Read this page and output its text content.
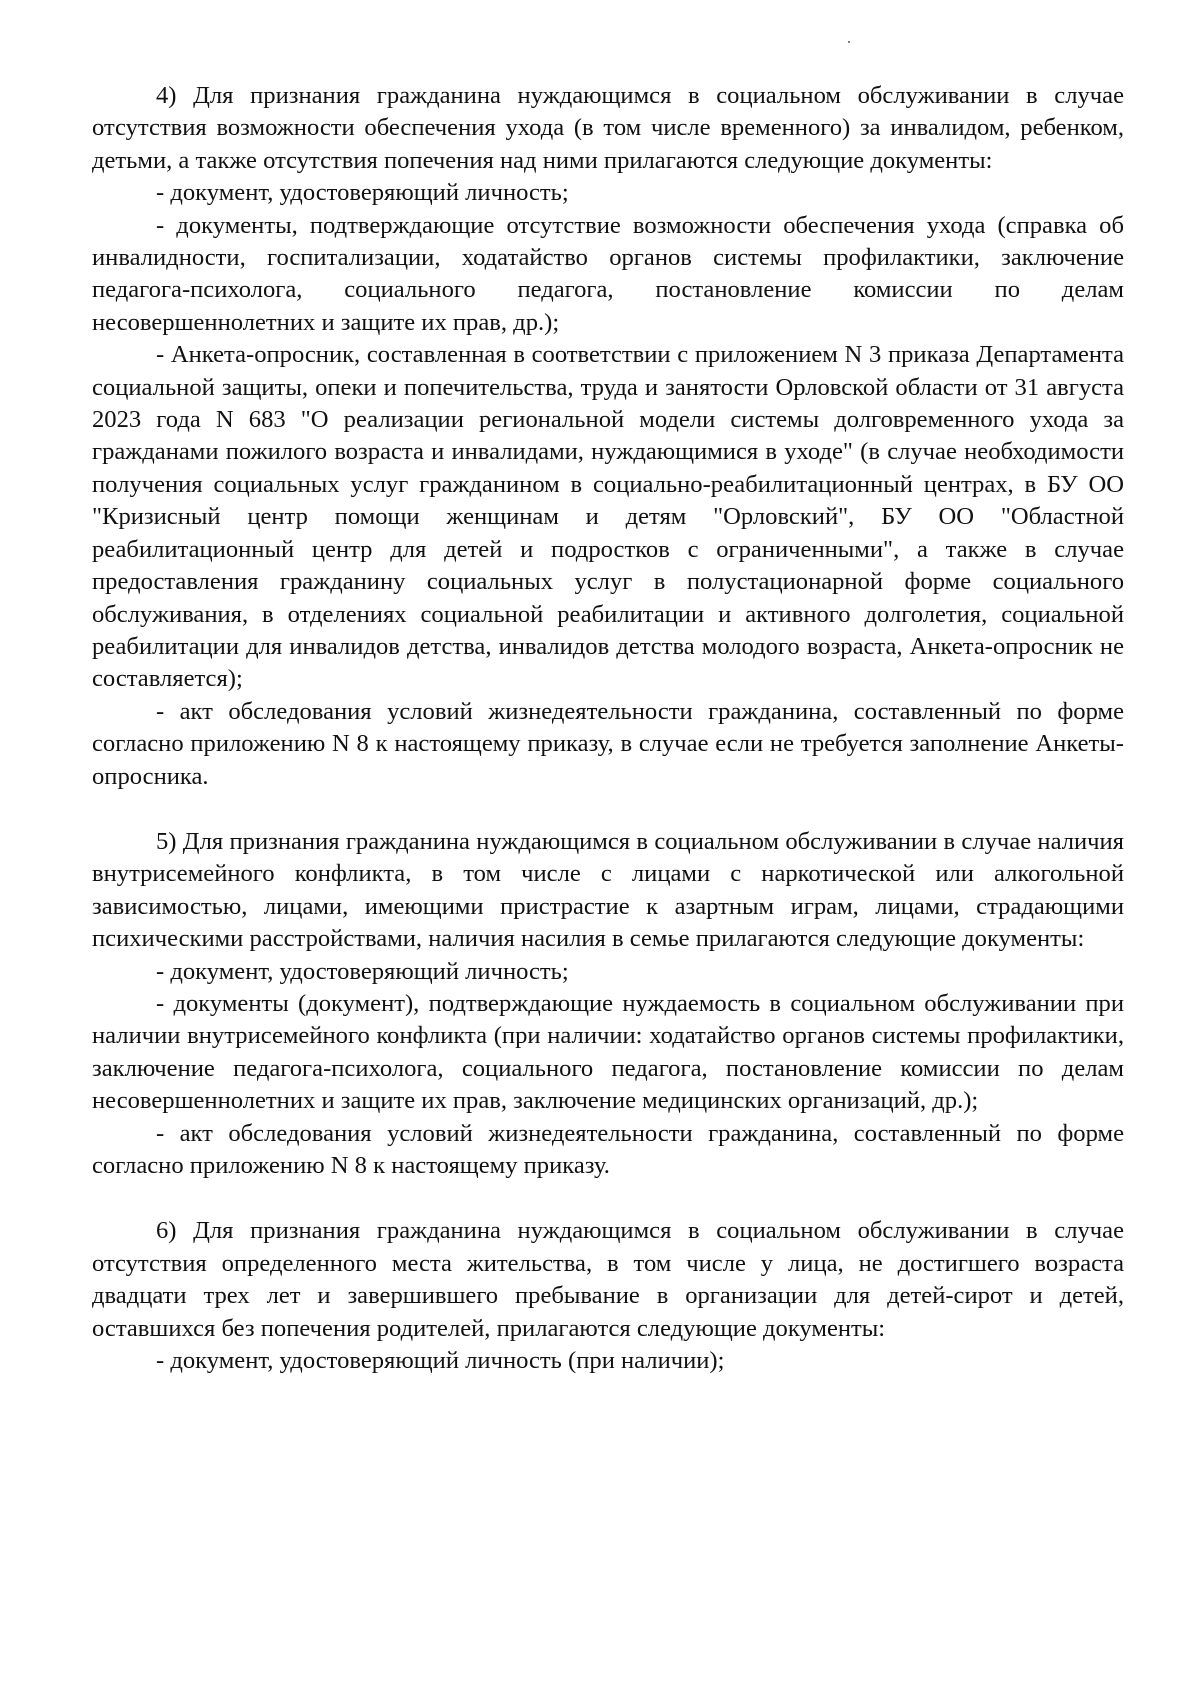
4) Для признания гражданина нуждающимся в социальном обслуживании в случае отсутствия возможности обеспечения ухода (в том числе временного) за инвалидом, ребенком, детьми, а также отсутствия попечения над ними прилагаются следующие документы:

- документ, удостоверяющий личность;

- документы, подтверждающие отсутствие возможности обеспечения ухода (справка об инвалидности, госпитализации, ходатайство органов системы профилактики, заключение педагога-психолога, социального педагога, постановление комиссии по делам несовершеннолетних и защите их прав, др.);

- Анкета-опросник, составленная в соответствии с приложением N 3 приказа Департамента социальной защиты, опеки и попечительства, труда и занятости Орловской области от 31 августа 2023 года N 683 "О реализации региональной модели системы долговременного ухода за гражданами пожилого возраста и инвалидами, нуждающимися в уходе" (в случае необходимости получения социальных услуг гражданином в социально-реабилитационный центрах, в БУ ОО "Кризисный центр помощи женщинам и детям "Орловский", БУ ОО "Областной реабилитационный центр для детей и подростков с ограниченными", а также в случае предоставления гражданину социальных услуг в полустационарной форме социального обслуживания, в отделениях социальной реабилитации и активного долголетия, социальной реабилитации для инвалидов детства, инвалидов детства молодого возраста, Анкета-опросник не составляется);

- акт обследования условий жизнедеятельности гражданина, составленный по форме согласно приложению N 8 к настоящему приказу, в случае если не требуется заполнение Анкеты-опросника.

5) Для признания гражданина нуждающимся в социальном обслуживании в случае наличия внутрисемейного конфликта, в том числе с лицами с наркотической или алкогольной зависимостью, лицами, имеющими пристрастие к азартным играм, лицами, страдающими психическими расстройствами, наличия насилия в семье прилагаются следующие документы:

- документ, удостоверяющий личность;

- документы (документ), подтверждающие нуждаемость в социальном обслуживании при наличии внутрисемейного конфликта (при наличии: ходатайство органов системы профилактики, заключение педагога-психолога, социального педагога, постановление комиссии по делам несовершеннолетних и защите их прав, заключение медицинских организаций, др.);

- акт обследования условий жизнедеятельности гражданина, составленный по форме согласно приложению N 8 к настоящему приказу.

6) Для признания гражданина нуждающимся в социальном обслуживании в случае отсутствия определенного места жительства, в том числе у лица, не достигшего возраста двадцати трех лет и завершившего пребывание в организации для детей-сирот и детей, оставшихся без попечения родителей, прилагаются следующие документы:

- документ, удостоверяющий личность (при наличии);
